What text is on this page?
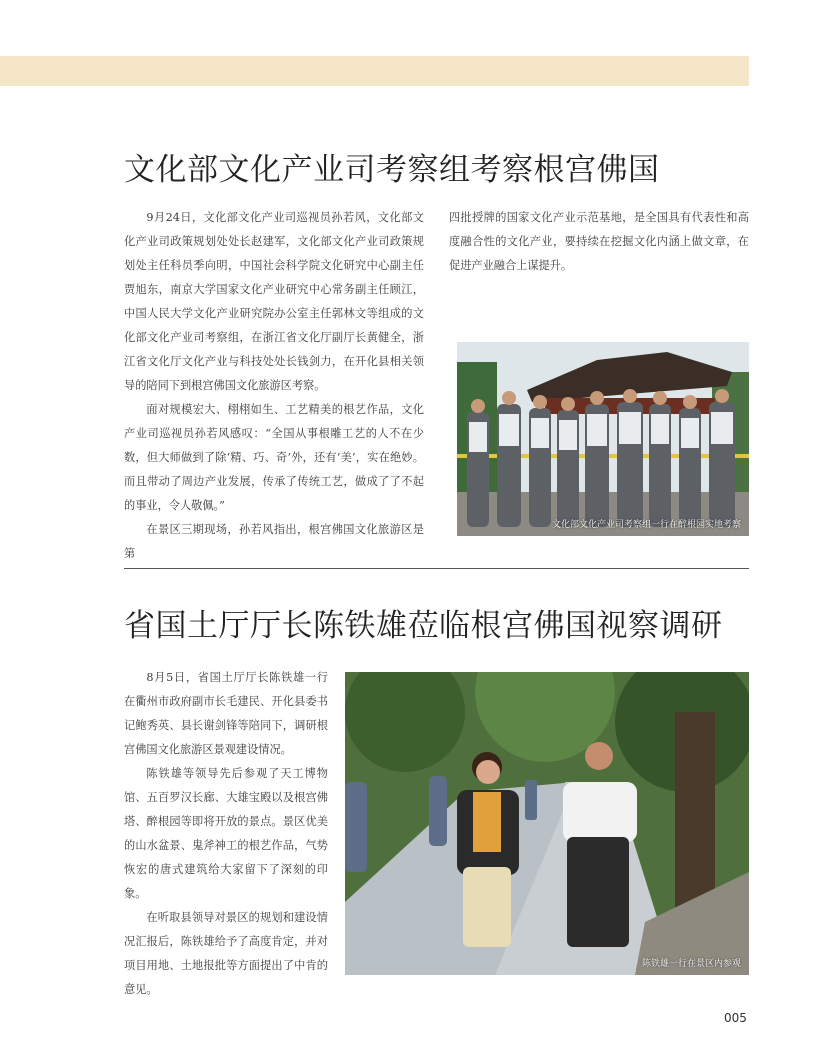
文化部文化产业司考察组考察根宫佛国

9月24日，文化部文化产业司巡视员孙若风，文化部文化产业司政策规划处处长赵建军，文化部文化产业司政策规划处主任科员季向明，中国社会科学院文化研究中心副主任贾旭东，南京大学国家文化产业研究中心常务副主任顾江，中国人民大学文化产业研究院办公室主任郭林文等组成的文化部文化产业司考察组，在浙江省文化厅副厅长黄健全，浙江省文化厅文化产业与科技处处长钱剑力，在开化县相关领导的陪同下到根宫佛国文化旅游区考察。

面对规模宏大、栩栩如生、工艺精美的根艺作品，文化产业司巡视员孙若风感叹：“全国从事根雕工艺的人不在少数，但大师做到了除‘精、巧、奇’外，还有‘美’，实在绝妙。而且带动了周边产业发展，传承了传统工艺，做成了了不起的事业，令人敬佩。”

在景区三期现场，孙若风指出，根宫佛国文化旅游区是第

四批授牌的国家文化产业示范基地，是全国具有代表性和高度融合性的文化产业，要持续在挖掘文化内涵上做文章，在促进产业融合上谋提升。

文化部文化产业司考察组一行在醉根园实地考察
省国土厅厅长陈铁雄莅临根宫佛国视察调研

8月5日，省国土厅厅长陈铁雄一行在衢州市政府副市长毛建民、开化县委书记鲍秀英、县长谢剑锋等陪同下，调研根宫佛国文化旅游区景观建设情况。

陈铁雄等领导先后参观了天工博物馆、五百罗汉长廊、大雄宝殿以及根宫佛塔、醉根园等即将开放的景点。景区优美的山水盆景、鬼斧神工的根艺作品，气势恢宏的唐式建筑给大家留下了深刻的印象。

在听取县领导对景区的规划和建设情况汇报后，陈铁雄给予了高度肯定，并对项目用地、土地报批等方面提出了中肯的意见。

陈铁雄一行在景区内参观
005
